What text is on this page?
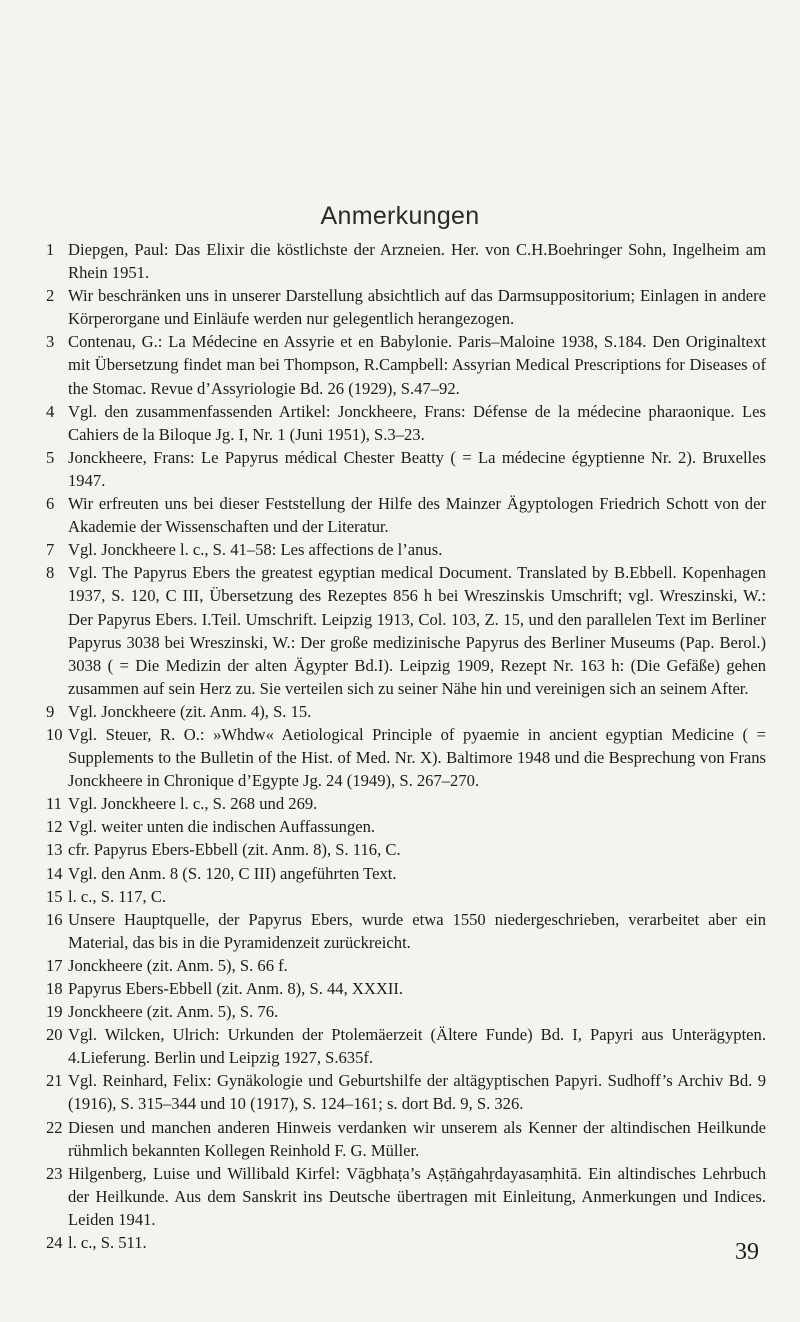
Anmerkungen
1 Diepgen, Paul: Das Elixir die köstlichste der Arzneien. Her. von C.H.Boehringer Sohn, Ingelheim am Rhein 1951.
2 Wir beschränken uns in unserer Darstellung absichtlich auf das Darmsuppositorium; Einlagen in andere Körperorgane und Einläufe werden nur gelegentlich herangezogen.
3 Contenau, G.: La Médecine en Assyrie et en Babylonie. Paris–Maloine 1938, S.184. Den Originaltext mit Übersetzung findet man bei Thompson, R.Campbell: Assyrian Medical Prescriptions for Diseases of the Stomac. Revue d’Assyriologie Bd. 26 (1929), S.47–92.
4 Vgl. den zusammenfassenden Artikel: Jonckheere, Frans: Défense de la médecine pharaonique. Les Cahiers de la Biloque Jg. I, Nr. 1 (Juni 1951), S.3–23.
5 Jonckheere, Frans: Le Papyrus médical Chester Beatty ( = La médecine égyptienne Nr. 2). Bruxelles 1947.
6 Wir erfreuten uns bei dieser Feststellung der Hilfe des Mainzer Ägyptologen Friedrich Schott von der Akademie der Wissenschaften und der Literatur.
7 Vgl. Jonckheere l. c., S. 41–58: Les affections de l’anus.
8 Vgl. The Papyrus Ebers the greatest egyptian medical Document. Translated by B.Ebbell. Kopenhagen 1937, S. 120, C III, Übersetzung des Rezeptes 856 h bei Wreszinskis Umschrift; vgl. Wreszinski, W.: Der Papyrus Ebers. I.Teil. Umschrift. Leipzig 1913, Col. 103, Z. 15, und den parallelen Text im Berliner Papyrus 3038 bei Wreszinski, W.: Der große medizinische Papyrus des Berliner Museums (Pap. Berol.) 3038 ( = Die Medizin der alten Ägypter Bd.I). Leipzig 1909, Rezept Nr. 163 h: (Die Gefäße) gehen zusammen auf sein Herz zu. Sie verteilen sich zu seiner Nähe hin und vereinigen sich an seinem After.
9 Vgl. Jonckheere (zit. Anm. 4), S. 15.
10 Vgl. Steuer, R. O.: »Whdw« Aetiological Principle of pyaemie in ancient egyptian Medicine ( = Supplements to the Bulletin of the Hist. of Med. Nr. X). Baltimore 1948 und die Besprechung von Frans Jonckheere in Chronique d’Egypte Jg. 24 (1949), S. 267–270.
11 Vgl. Jonckheere l. c., S. 268 und 269.
12 Vgl. weiter unten die indischen Auffassungen.
13 cfr. Papyrus Ebers-Ebbell (zit. Anm. 8), S. 116, C.
14 Vgl. den Anm. 8 (S. 120, C III) angeführten Text.
15 l. c., S. 117, C.
16 Unsere Hauptquelle, der Papyrus Ebers, wurde etwa 1550 niedergeschrieben, verarbeitet aber ein Material, das bis in die Pyramidenzeit zurückreicht.
17 Jonckheere (zit. Anm. 5), S. 66 f.
18 Papyrus Ebers-Ebbell (zit. Anm. 8), S. 44, XXXII.
19 Jonckheere (zit. Anm. 5), S. 76.
20 Vgl. Wilcken, Ulrich: Urkunden der Ptolemäerzeit (Ältere Funde) Bd. I, Papyri aus Unterägypten. 4.Lieferung. Berlin und Leipzig 1927, S.635f.
21 Vgl. Reinhard, Felix: Gynäkologie und Geburtshilfe der altägyptischen Papyri. Sudhoff’s Archiv Bd. 9 (1916), S. 315–344 und 10 (1917), S. 124–161; s. dort Bd. 9, S. 326.
22 Diesen und manchen anderen Hinweis verdanken wir unserem als Kenner der altindischen Heilkunde rühmlich bekannten Kollegen Reinhold F. G. Müller.
23 Hilgenberg, Luise und Willibald Kirfel: Vāgbhaṭa’s Aṣṭāṅgahṛdayasaṃhitā. Ein altindisches Lehrbuch der Heilkunde. Aus dem Sanskrit ins Deutsche übertragen mit Einleitung, Anmerkungen und Indices. Leiden 1941.
24 l. c., S. 511.	39
